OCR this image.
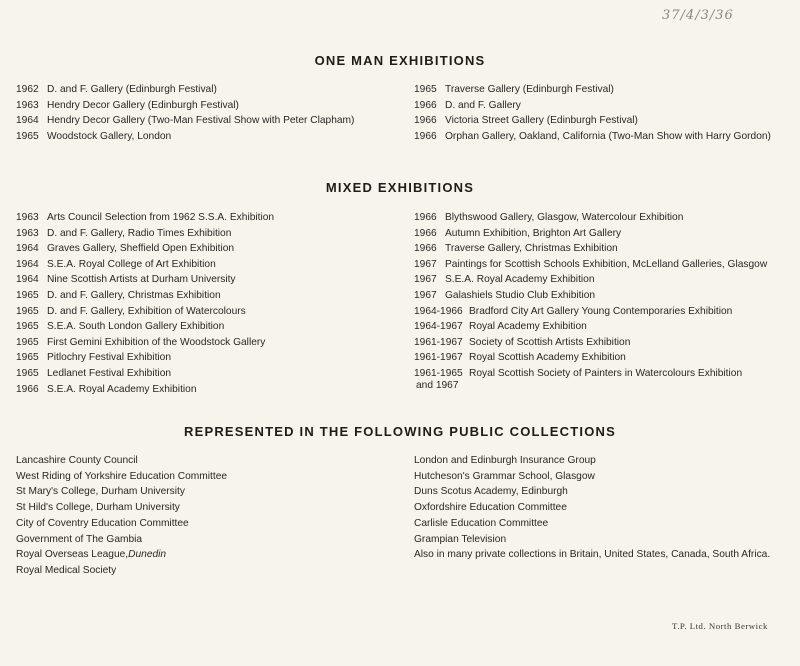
37/4/3/36
ONE MAN EXHIBITIONS
1962 D. and F. Gallery (Edinburgh Festival)
1963 Hendry Decor Gallery (Edinburgh Festival)
1964 Hendry Decor Gallery (Two-Man Festival Show with Peter Clapham)
1965 Woodstock Gallery, London
1965 Traverse Gallery (Edinburgh Festival)
1966 D. and F. Gallery
1966 Victoria Street Gallery (Edinburgh Festival)
1966 Orphan Gallery, Oakland, California (Two-Man Show with Harry Gordon)
MIXED EXHIBITIONS
1963 Arts Council Selection from 1962 S.S.A. Exhibition
1963 D. and F. Gallery, Radio Times Exhibition
1964 Graves Gallery, Sheffield Open Exhibition
1964 S.E.A. Royal College of Art Exhibition
1964 Nine Scottish Artists at Durham University
1965 D. and F. Gallery, Christmas Exhibition
1965 D. and F. Gallery, Exhibition of Watercolours
1965 S.E.A. South London Gallery Exhibition
1965 First Gemini Exhibition of the Woodstock Gallery
1965 Pitlochry Festival Exhibition
1965 Ledlanet Festival Exhibition
1966 S.E.A. Royal Academy Exhibition
1966 Blythswood Gallery, Glasgow, Watercolour Exhibition
1966 Autumn Exhibition, Brighton Art Gallery
1966 Traverse Gallery, Christmas Exhibition
1967 Paintings for Scottish Schools Exhibition, McLelland Galleries, Glasgow
1967 S.E.A. Royal Academy Exhibition
1967 Galashiels Studio Club Exhibition
1964-1966 Bradford City Art Gallery Young Contemporaries Exhibition
1964-1967 Royal Academy Exhibition
1961-1967 Society of Scottish Artists Exhibition
1961-1967 Royal Scottish Academy Exhibition
1961-1965 Royal Scottish Society of Painters in Watercolours Exhibition
and 1967
REPRESENTED IN THE FOLLOWING PUBLIC COLLECTIONS
Lancashire County Council
West Riding of Yorkshire Education Committee
St Mary's College, Durham University
St Hild's College, Durham University
City of Coventry Education Committee
Government of The Gambia
Royal Overseas League, Dunedin
Royal Medical Society
London and Edinburgh Insurance Group
Hutcheson's Grammar School, Glasgow
Duns Scotus Academy, Edinburgh
Oxfordshire Education Committee
Carlisle Education Committee
Grampian Television
Also in many private collections in Britain, United States, Canada, South Africa.
T.P. Ltd. North Berwick
